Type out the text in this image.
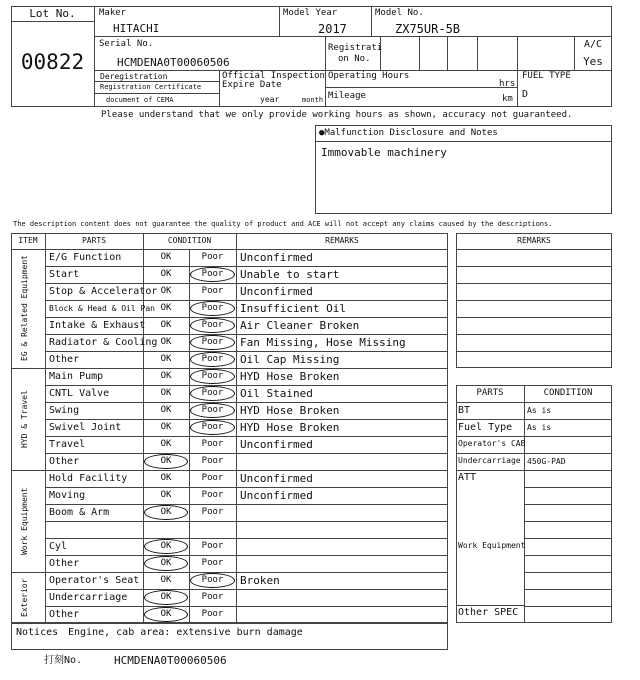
Lot No.
00822
Maker
HITACHI
Model Year
2017
Model No.
ZX75UR-5B
Serial No.
HCMDENA0T00060506
Registrati
on No.
A/C
Yes
Deregistration
Registration Certificate
document of CEMA
Official Inspection
Expire Date
year	month
Operating Hours
hrs
Mileage	km
FUEL TYPE
D
Please understand that we only provide working hours as shown, accuracy not guaranteed.
●Malfunction Disclosure and Notes
Immovable machinery
The description content does not guarantee the quality of product and ACE will not accept any claims caused by the descriptions.
ITEM	PARTS	CONDITION	REMARKS
E/G Function	OK	Poor	Unconfirmed
Start	OK	Poor	Unable to start
Stop & Accelerator OK	Poor	Unconfirmed
Block & Head & Oil Pan OK	Poor	Insufficient Oil
Intake & Exhaust	OK	Poor	Air Cleaner Broken
Radiator & Cooling OK	Poor	Fan Missing, Hose Missing
Other	OK	Poor	Oil Cap Missing
EG & Related Equipment
Main Pump	OK	Poor	HYD Hose Broken
CNTL Valve	OK	Poor	Oil Stained
Swing	OK	Poor	HYD Hose Broken
Swivel Joint	OK	Poor	HYD Hose Broken
Travel	OK	Poor	Unconfirmed
Other	OK	Poor
HYD & Travel
Hold Facility	OK	Poor	Unconfirmed
Moving	OK	Poor	Unconfirmed
Boom & Arm	OK	Poor
Cyl	OK	Poor
Other	OK	Poor
Work Equipment
Operator's Seat	OK	Poor	Broken
Undercarriage	OK	Poor
Other	OK	Poor
Exterior
REMARKS
PARTS	CONDITION
BT	As is
Fuel Type As is
Operator's CAB
Undercarriage 450G-PAD
ATT
Work Equipment
Other SPEC
Notices Engine, cab area: extensive burn damage
打刻No.	HCMDENA0T00060506
